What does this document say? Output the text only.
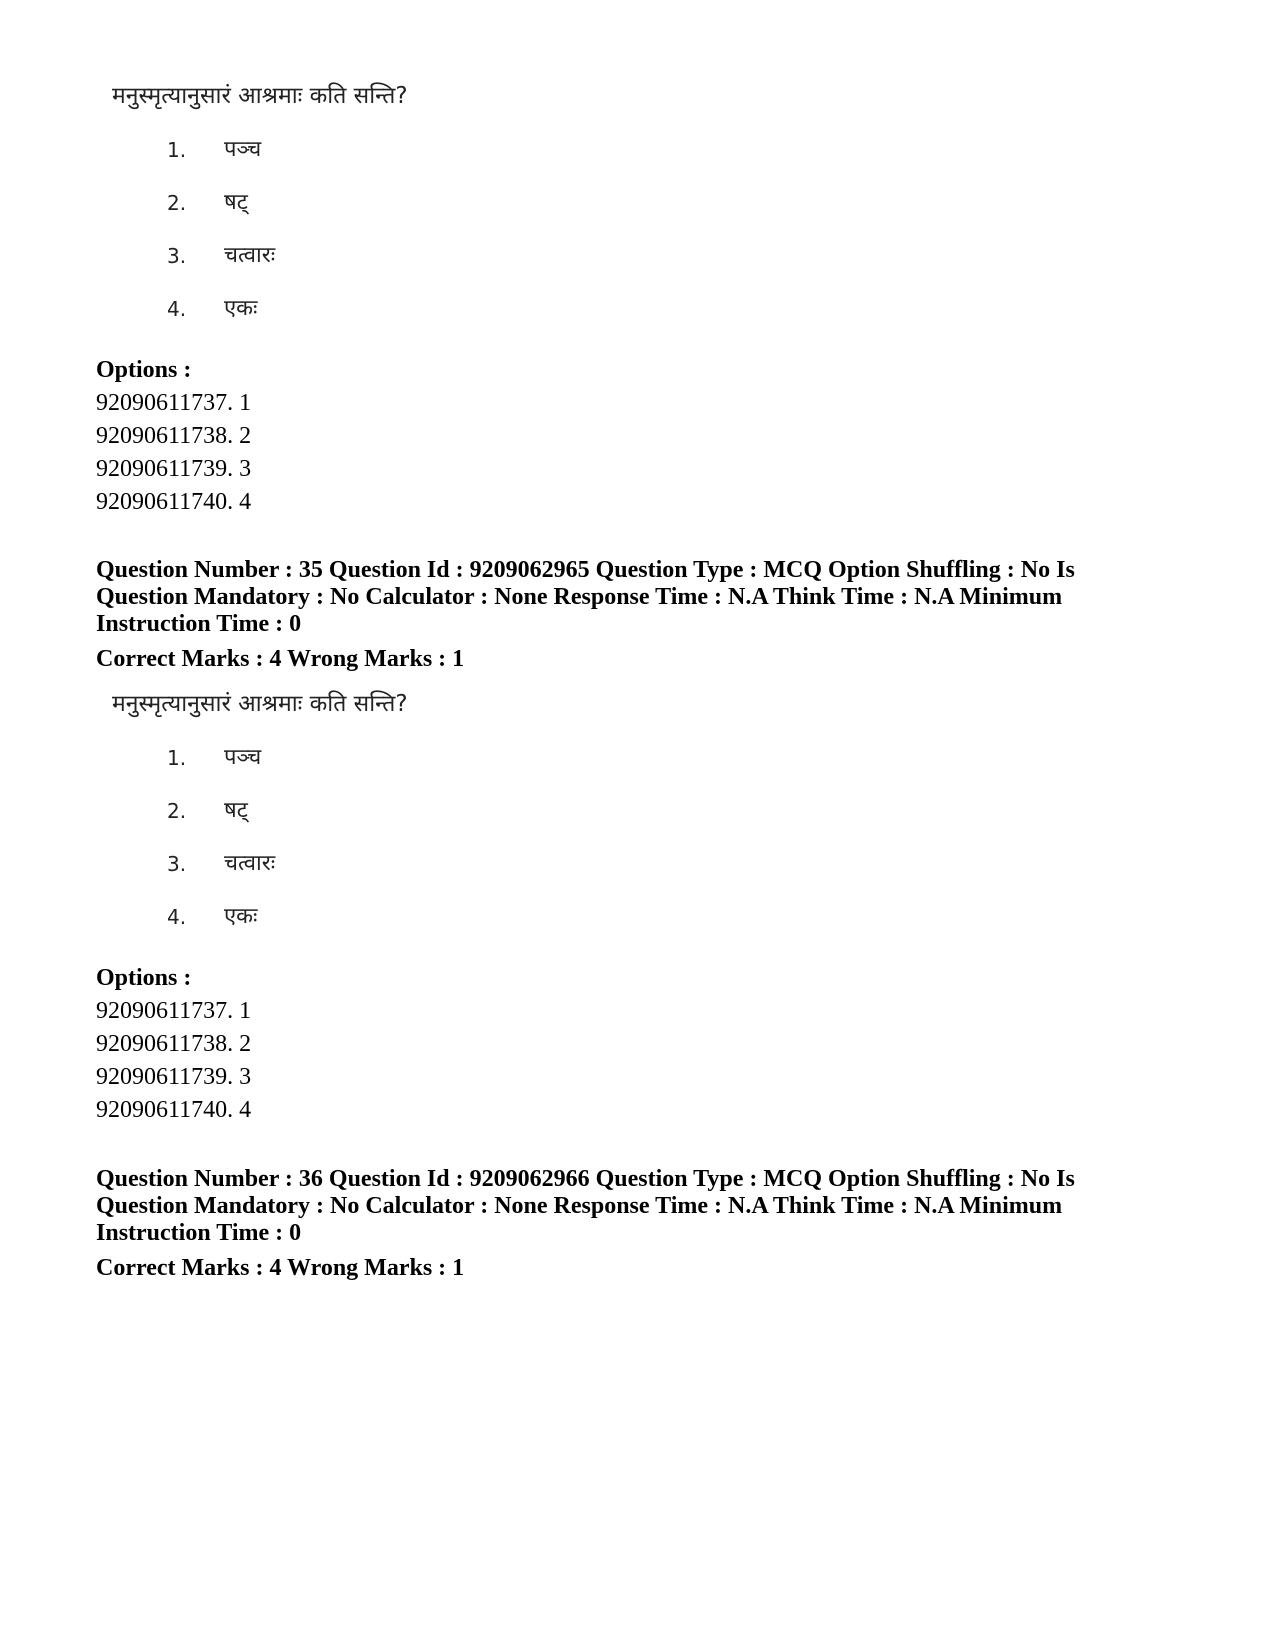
मनुस्मृत्यानुसारं आश्रमाः कति सन्ति?
1. पञ्च
2. षट्
3. चत्वारः
4. एकः
Options :
92090611737. 1
92090611738. 2
92090611739. 3
92090611740. 4
Question Number : 35 Question Id : 9209062965 Question Type : MCQ Option Shuffling : No Is
Question Mandatory : No Calculator : None Response Time : N.A Think Time : N.A Minimum
Instruction Time : 0
Correct Marks : 4 Wrong Marks : 1
मनुस्मृत्यानुसारं आश्रमाः कति सन्ति?
1. पञ्च
2. षट्
3. चत्वारः
4. एकः
Options :
92090611737. 1
92090611738. 2
92090611739. 3
92090611740. 4
Question Number : 36 Question Id : 9209062966 Question Type : MCQ Option Shuffling : No Is
Question Mandatory : No Calculator : None Response Time : N.A Think Time : N.A Minimum
Instruction Time : 0
Correct Marks : 4 Wrong Marks : 1
